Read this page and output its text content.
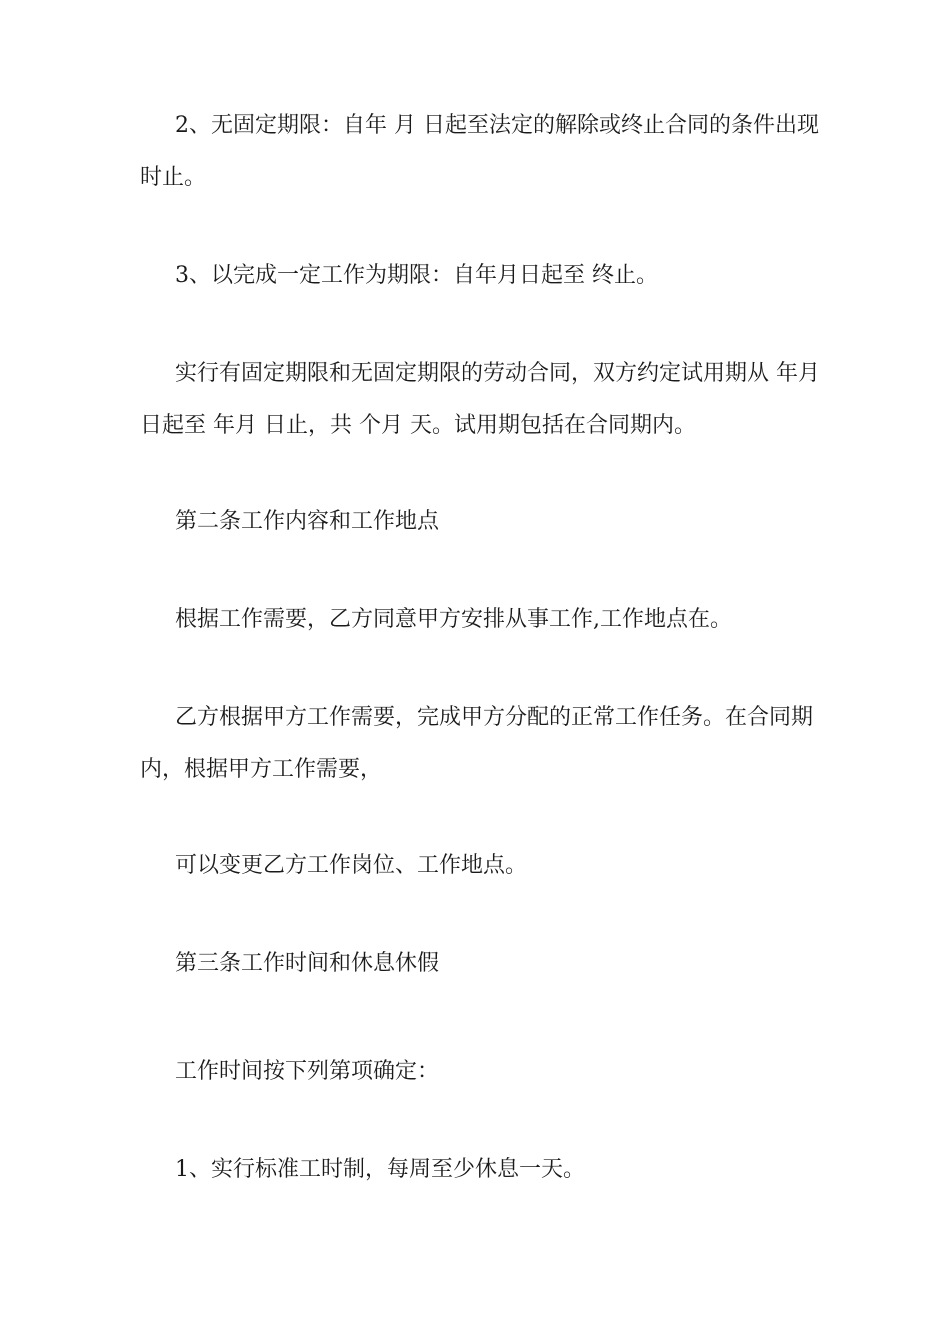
2、无固定期限：自年 月 日起至法定的解除或终止合同的条件出现时止。

3、以完成一定工作为期限：自年月日起至 终止。

实行有固定期限和无固定期限的劳动合同，双方约定试用期从 年月日起至 年月 日止，共 个月 天。试用期包括在合同期内。

第二条工作内容和工作地点

根据工作需要，乙方同意甲方安排从事工作,工作地点在。

乙方根据甲方工作需要，完成甲方分配的正常工作任务。在合同期内，根据甲方工作需要，

可以变更乙方工作岗位、工作地点。

第三条工作时间和休息休假

工作时间按下列第项确定：

1、实行标准工时制，每周至少休息一天。
